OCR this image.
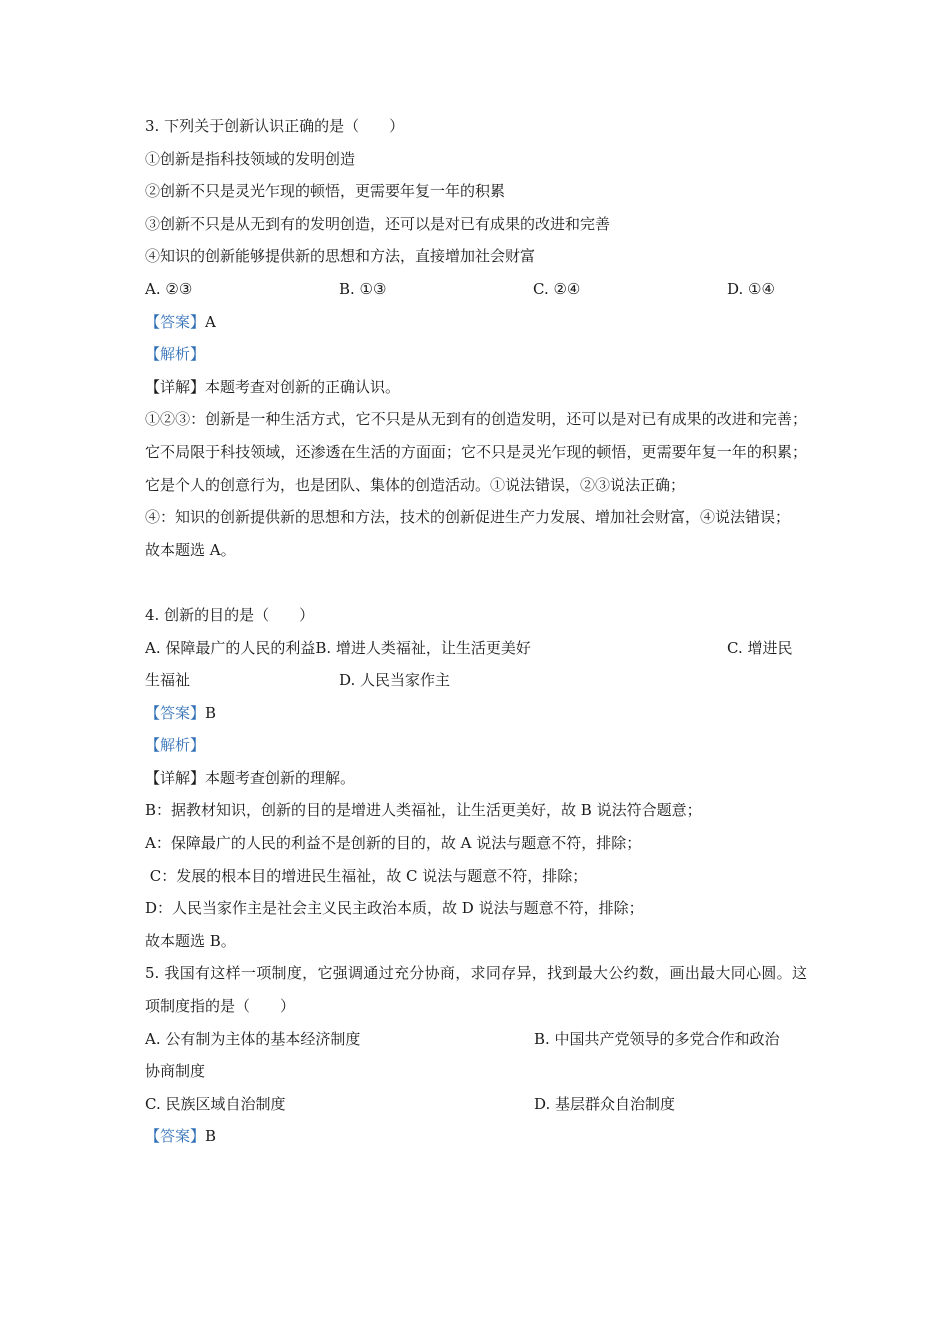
3. 下列关于创新认识正确的是（　　）
①创新是指科技领域的发明创造
②创新不只是灵光乍现的顿悟，更需要年复一年的积累
③创新不只是从无到有的发明创造，还可以是对已有成果的改进和完善
④知识的创新能够提供新的思想和方法，直接增加社会财富
A. ②③	B. ①③	C. ②④	D. ①④
【答案】A
【解析】
【详解】本题考查对创新的正确认识。
①②③：创新是一种生活方式，它不只是从无到有的创造发明，还可以是对已有成果的改进和完善；它不局限于科技领域，还渗透在生活的方面面；它不只是灵光乍现的顿悟，更需要年复一年的积累；它是个人的创意行为，也是团队、集体的创造活动。①说法错误，②③说法正确；
④：知识的创新提供新的思想和方法，技术的创新促进生产力发展、增加社会财富，④说法错误；
故本题选 A。
4. 创新的目的是（　　）
A. 保障最广的人民的利益B. 增进人类福祉，让生活更美好	C. 增进民
生福祉	D. 人民当家作主
【答案】B
【解析】
【详解】本题考查创新的理解。
B：据教材知识，创新的目的是增进人类福祉，让生活更美好，故 B 说法符合题意；
A：保障最广的人民的利益不是创新的目的，故 A 说法与题意不符，排除；
C：发展的根本目的增进民生福祉，故 C 说法与题意不符，排除；
D：人民当家作主是社会主义民主政治本质，故 D 说法与题意不符，排除；
故本题选 B。
5. 我国有这样一项制度，它强调通过充分协商，求同存异，找到最大公约数，画出最大同心圆。这项制度指的是（　　）
A. 公有制为主体的基本经济制度	B. 中国共产党领导的多党合作和政治
协商制度
C. 民族区域自治制度	D. 基层群众自治制度
【答案】B
